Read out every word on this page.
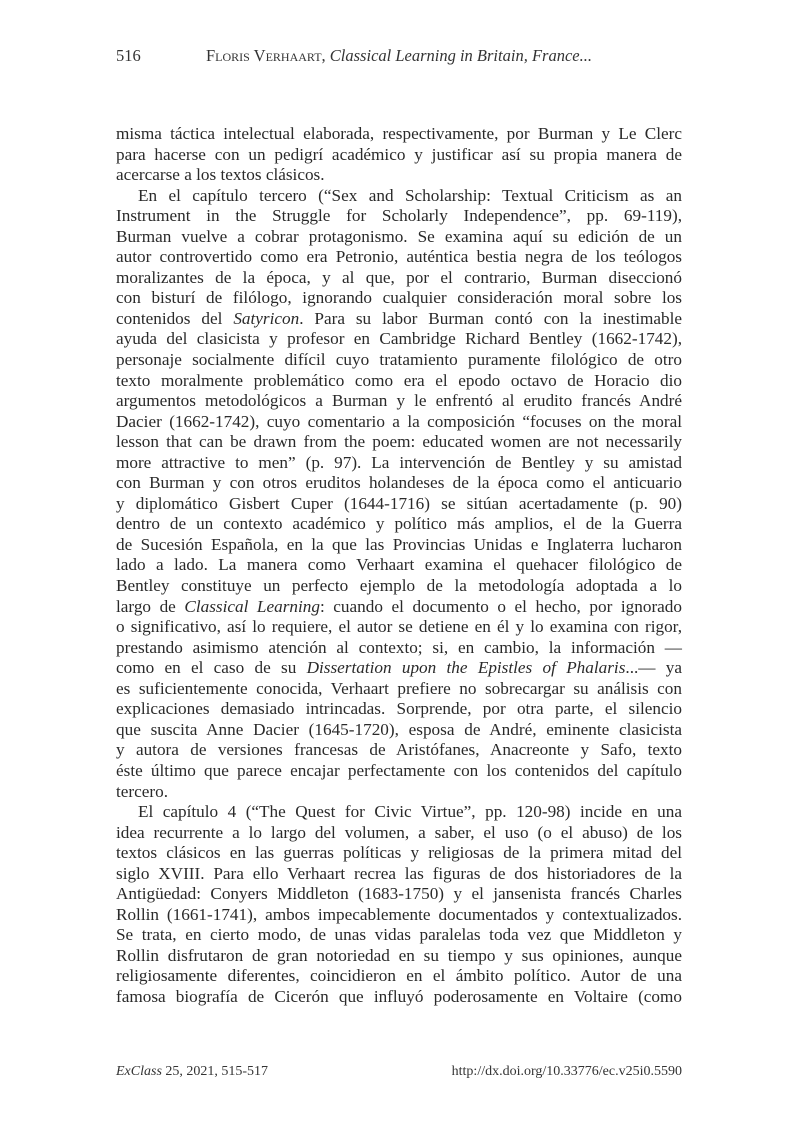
516	Floris Verhaart, Classical Learning in Britain, France...
misma táctica intelectual elaborada, respectivamente, por Burman y Le Clerc
para hacerse con un pedigrí académico y justificar así su propia manera de
acercarse a los textos clásicos.
En el capítulo tercero (“Sex and Scholarship: Textual Criticism as an
Instrument in the Struggle for Scholarly Independence”, pp. 69-119),
Burman vuelve a cobrar protagonismo. Se examina aquí su edición de un
autor controvertido como era Petronio, auténtica bestia negra de los teólogos
moralizantes de la época, y al que, por el contrario, Burman diseccionó
con bisturí de filólogo, ignorando cualquier consideración moral sobre los
contenidos del Satyricon. Para su labor Burman contó con la inestimable
ayuda del clasicista y profesor en Cambridge Richard Bentley (1662-1742),
personaje socialmente difícil cuyo tratamiento puramente filológico de otro
texto moralmente problemático como era el epodo octavo de Horacio dio
argumentos metodológicos a Burman y le enfrentó al erudito francés André
Dacier (1662-1742), cuyo comentario a la composición “focuses on the moral
lesson that can be drawn from the poem: educated women are not necessarily
more attractive to men” (p. 97). La intervención de Bentley y su amistad
con Burman y con otros eruditos holandeses de la época como el anticuario
y diplomático Gisbert Cuper (1644-1716) se sitúan acertadamente (p. 90)
dentro de un contexto académico y político más amplios, el de la Guerra
de Sucesión Española, en la que las Provincias Unidas e Inglaterra lucharon
lado a lado. La manera como Verhaart examina el quehacer filológico de
Bentley constituye un perfecto ejemplo de la metodología adoptada a lo
largo de Classical Learning: cuando el documento o el hecho, por ignorado
o significativo, así lo requiere, el autor se detiene en él y lo examina con rigor,
prestando asimismo atención al contexto; si, en cambio, la información —
como en el caso de su Dissertation upon the Epistles of Phalaris...— ya
es suficientemente conocida, Verhaart prefiere no sobrecargar su análisis con
explicaciones demasiado intrincadas. Sorprende, por otra parte, el silencio
que suscita Anne Dacier (1645-1720), esposa de André, eminente clasicista
y autora de versiones francesas de Aristófanes, Anacreonte y Safo, texto
éste último que parece encajar perfectamente con los contenidos del capítulo
tercero.
El capítulo 4 (“The Quest for Civic Virtue”, pp. 120-98) incide en una
idea recurrente a lo largo del volumen, a saber, el uso (o el abuso) de los
textos clásicos en las guerras políticas y religiosas de la primera mitad del
siglo XVIII. Para ello Verhaart recrea las figuras de dos historiadores de la
Antigüedad: Conyers Middleton (1683-1750) y el jansenista francés Charles
Rollin (1661-1741), ambos impecablemente documentados y contextualizados.
Se trata, en cierto modo, de unas vidas paralelas toda vez que Middleton y
Rollin disfrutaron de gran notoriedad en su tiempo y sus opiniones, aunque
religiosamente diferentes, coincidieron en el ámbito político. Autor de una
famosa biografía de Cicerón que influyó poderosamente en Voltaire (como
ExClass 25, 2021, 515-517	http://dx.doi.org/10.33776/ec.v25i0.5590
